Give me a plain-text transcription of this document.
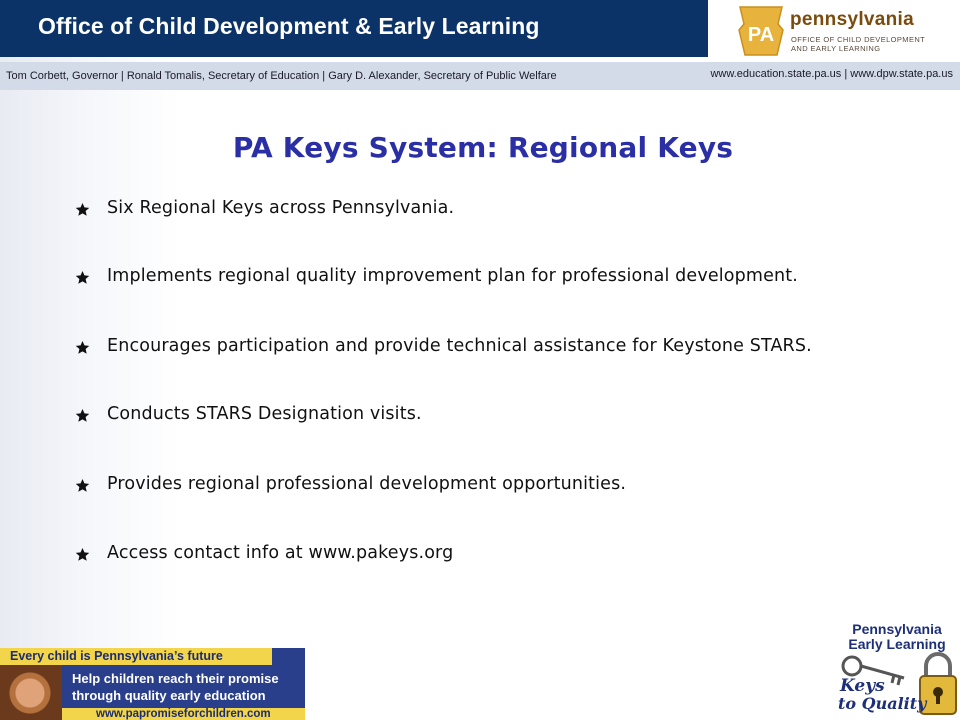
Office of Child Development & Early Learning	PA
pennsylvania
OFFICE OF CHILD DEVELOPMENT
AND EARLY LEARNING
Tom Corbett, Governor | Ronald Tomalis, Secretary of Education | Gary D. Alexander, Secretary of Public Welfare	www.education.state.pa.us | www.dpw.state.pa.us
PA Keys System: Regional Keys
Six Regional Keys across Pennsylvania.
Implements regional quality improvement plan for professional development.
Encourages participation and provide technical assistance for Keystone STARS.
Conducts STARS Designation visits.
Provides regional professional development opportunities.
Access contact info at www.pakeys.org
Every child is Pennsylvania’s future
Help children reach their promise
through quality early education
www.papromiseforchildren.com
Pennsylvania
Early Learning
Keys
to Quality
